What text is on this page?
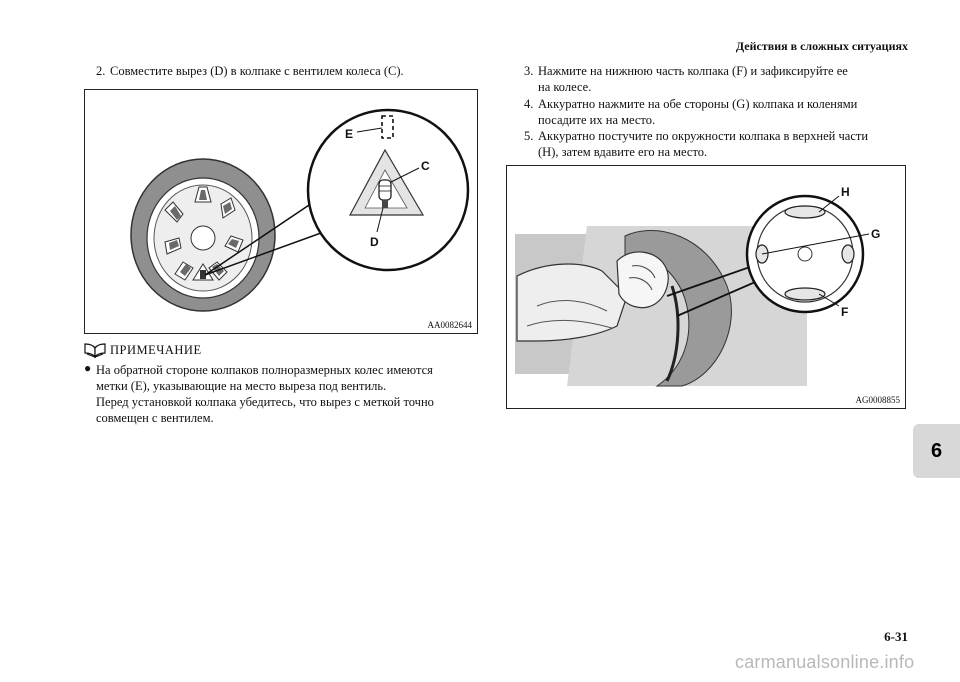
Действия в сложных ситуациях
2. Совместите вырез (D) в колпаке с вентилем колеса (C).
E
C
D
AA0082644
ПРИМЕЧАНИЕ
● На обратной стороне колпаков полноразмерных колес имеются
метки (E), указывающие на место выреза под вентиль.
Перед установкой колпака убедитесь, что вырез с меткой точно
совмещен с вентилем.
3. Нажмите на нижнюю часть колпака (F) и зафиксируйте ее
на колесе.
4. Аккуратно нажмите на обе стороны (G) колпака и коленями
посадите их на место.
5. Аккуратно постучите по окружности колпака в верхней части
(H), затем вдавите его на место.
H
G
F
AG0008855
6
6-31
carmanualsonline.info
